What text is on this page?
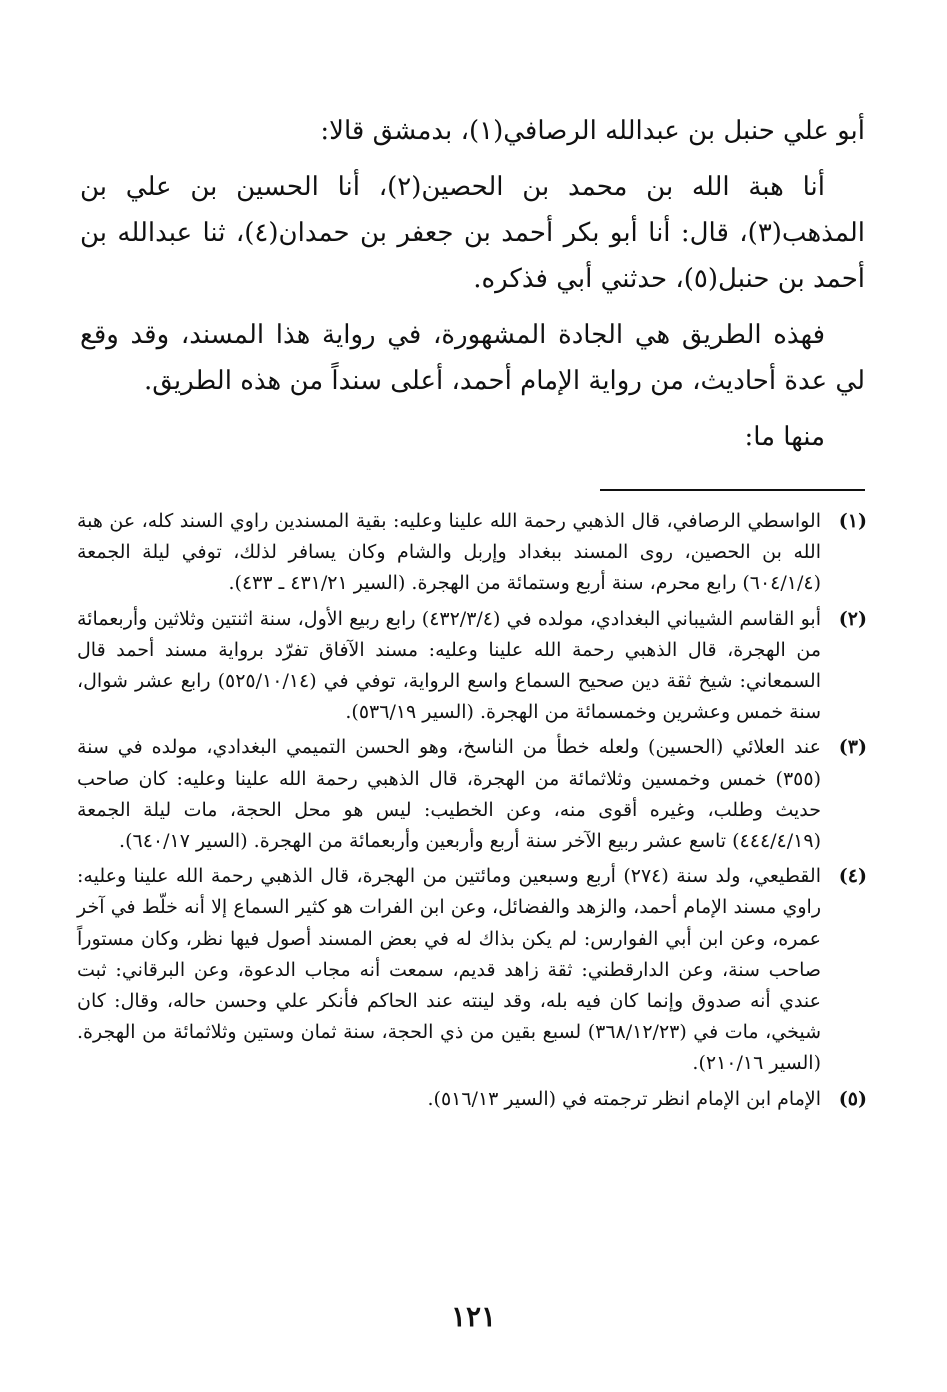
أبو علي حنبل بن عبدالله الرصافي(١)، بدمشق قالا:

أنا هبة الله بن محمد بن الحصين(٢)، أنا الحسين بن علي بن المذهب(٣)، قال: أنا أبو بكر أحمد بن جعفر بن حمدان(٤)، ثنا عبدالله بن أحمد بن حنبل(٥)، حدثني أبي فذكره.

فهذه الطريق هي الجادة المشهورة، في رواية هذا المسند، وقد وقع لي عدة أحاديث، من رواية الإمام أحمد، أعلى سنداً من هذه الطريق.

منها ما:

(١)
الواسطي الرصافي، قال الذهبي رحمة الله علينا وعليه: بقية المسندين راوي السند كله، عن هبة الله بن الحصين، روى المسند ببغداد وإربل والشام وكان يسافر لذلك، توفي ليلة الجمعة (٦٠٤/١/٤) رابع محرم، سنة أربع وستمائة من الهجرة. (السير ٤٣١/٢١ ـ ٤٣٣).
(٢)
أبو القاسم الشيباني البغدادي، مولده في (٤٣٢/٣/٤) رابع ربيع الأول، سنة اثنتين وثلاثين وأربعمائة من الهجرة، قال الذهبي رحمة الله علينا وعليه: مسند الآفاق تفرّد برواية مسند أحمد قال السمعاني: شيخ ثقة دين صحيح السماع واسع الرواية، توفي في (٥٢٥/١٠/١٤) رابع عشر شوال، سنة خمس وعشرين وخمسمائة من الهجرة. (السير ٥٣٦/١٩).
(٣)
عند العلائي (الحسين) ولعله خطأ من الناسخ، وهو الحسن التميمي البغدادي، مولده في سنة (٣٥٥) خمس وخمسين وثلاثمائة من الهجرة، قال الذهبي رحمة الله علينا وعليه: كان صاحب حديث وطلب، وغيره أقوى منه، وعن الخطيب: ليس هو محل الحجة، مات ليلة الجمعة (٤٤٤/٤/١٩) تاسع عشر ربيع الآخر سنة أربع وأربعين وأربعمائة من الهجرة. (السير ٦٤٠/١٧).
(٤)
القطيعي، ولد سنة (٢٧٤) أربع وسبعين ومائتين من الهجرة، قال الذهبي رحمة الله علينا وعليه: راوي مسند الإمام أحمد، والزهد والفضائل، وعن ابن الفرات هو كثير السماع إلا أنه خلّط في آخر عمره، وعن ابن أبي الفوارس: لم يكن بذاك له في بعض المسند أصول فيها نظر، وكان مستوراً صاحب سنة، وعن الدارقطني: ثقة زاهد قديم، سمعت أنه مجاب الدعوة، وعن البرقاني: ثبت عندي أنه صدوق وإنما كان فيه بله، وقد لينته عند الحاكم فأنكر علي وحسن حاله، وقال: كان شيخي، مات في (٣٦٨/١٢/٢٣) لسبع بقين من ذي الحجة، سنة ثمان وستين وثلاثمائة من الهجرة. (السير ٢١٠/١٦).
(٥)
الإمام ابن الإمام انظر ترجمته في (السير ٥١٦/١٣).
١٢١
